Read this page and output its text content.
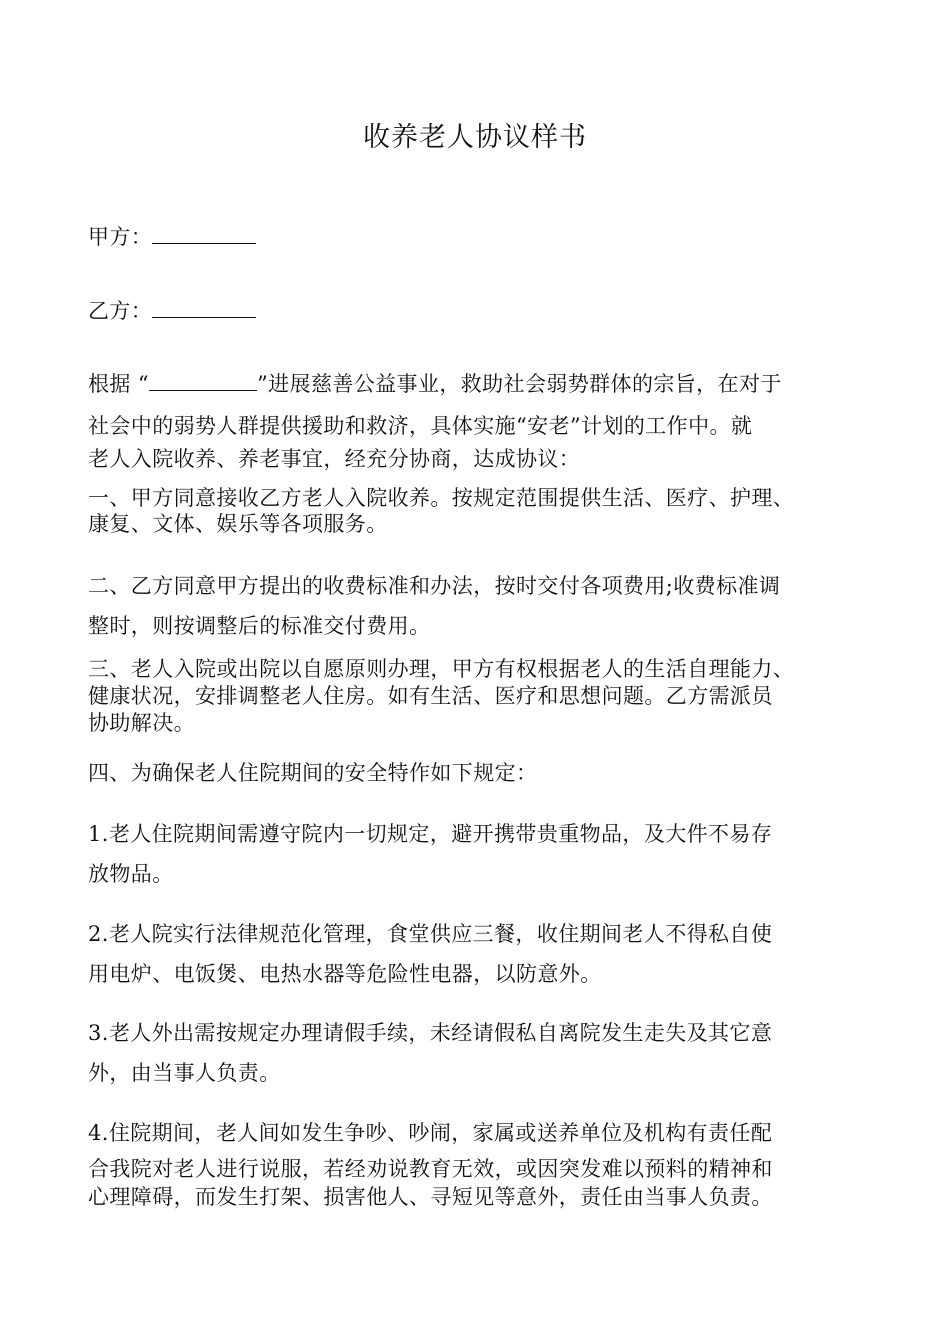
收养老人协议样书
甲方：
乙方：
根据 “	”进展慈善公益事业，救助社会弱势群体的宗旨，在对于
社会中的弱势人群提供援助和救济，具体实施“安老”计划的工作中。就
老人入院收养、养老事宜，经充分协商，达成协议：
一、甲方同意接收乙方老人入院收养。按规定范围提供生活、医疗、护理、
康复、文体、娱乐等各项服务。
二、乙方同意甲方提出的收费标准和办法，按时交付各项费用;收费标准调
整时，则按调整后的标准交付费用。
三、老人入院或出院以自愿原则办理，甲方有权根据老人的生活自理能力、
健康状况，安排调整老人住房。如有生活、医疗和思想问题。乙方需派员
协助解决。
四、为确保老人住院期间的安全特作如下规定：
1.老人住院期间需遵守院内一切规定，避开携带贵重物品，及大件不易存
放物品。
2.老人院实行法律规范化管理，食堂供应三餐，收住期间老人不得私自使
用电炉、电饭煲、电热水器等危险性电器，以防意外。
3.老人外出需按规定办理请假手续，未经请假私自离院发生走失及其它意
外，由当事人负责。
4.住院期间，老人间如发生争吵、吵闹，家属或送养单位及机构有责任配
合我院对老人进行说服，若经劝说教育无效，或因突发难以预料的精神和
心理障碍，而发生打架、损害他人、寻短见等意外，责任由当事人负责。
